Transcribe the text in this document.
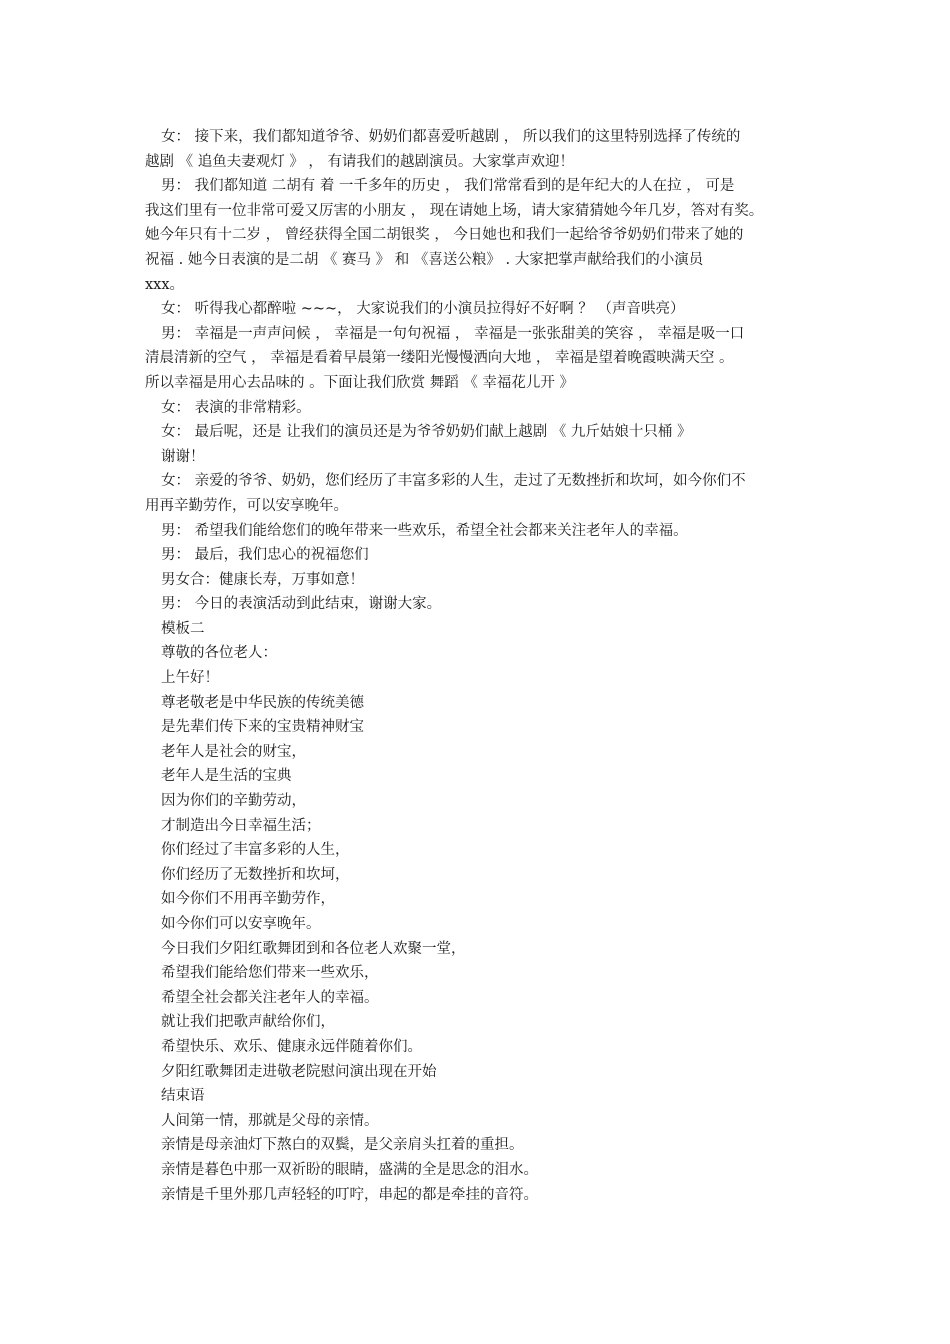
女： 接下来，我们都知道爷爷、奶奶们都喜爱听越剧 ， 所以我们的这里特别选择了传统的
越剧 《 追鱼夫妻观灯 》 ， 有请我们的越剧演员。大家掌声欢迎！
男： 我们都知道 二胡有 着 一千多年的历史 ， 我们常常看到的是年纪大的人在拉 ， 可是
我这们里有一位非常可爱又厉害的小朋友 ， 现在请她上场，请大家猜猜她今年几岁，答对有奖。
她今年只有十二岁 ， 曾经获得全国二胡银奖 ， 今日她也和我们一起给爷爷奶奶们带来了她的
祝福 . 她今日表演的是二胡 《 赛马 》 和 《喜送公粮》 . 大家把掌声献给我们的小演员
xxx。
女： 听得我心都醉啦 ~~~， 大家说我们的小演员拉得好不好啊 ？ （声音哄亮）
男： 幸福是一声声问候 ， 幸福是一句句祝福 ， 幸福是一张张甜美的笑容 ， 幸福是吸一口
清晨清新的空气 ， 幸福是看着早晨第一缕阳光慢慢洒向大地 ， 幸福是望着晚霞映满天空 。
所以幸福是用心去品味的 。下面让我们欣赏 舞蹈 《 幸福花儿开 》
女： 表演的非常精彩。
女： 最后呢，还是 让我们的演员还是为爷爷奶奶们献上越剧 《 九斤姑娘十只桶 》
谢谢！
女： 亲爱的爷爷、奶奶，您们经历了丰富多彩的人生，走过了无数挫折和坎坷，如今你们不
用再辛勤劳作，可以安享晚年。
男： 希望我们能给您们的晚年带来一些欢乐，希望全社会都来关注老年人的幸福。
男： 最后，我们忠心的祝福您们
男女合：健康长寿，万事如意！
男： 今日的表演活动到此结束，谢谢大家。
模板二
尊敬的各位老人：
上午好！
尊老敬老是中华民族的传统美德
是先辈们传下来的宝贵精神财宝
老年人是社会的财宝，
老年人是生活的宝典
因为你们的辛勤劳动，
才制造出今日幸福生活；
你们经过了丰富多彩的人生，
你们经历了无数挫折和坎坷，
如今你们不用再辛勤劳作，
如今你们可以安享晚年。
今日我们夕阳红歌舞团到和各位老人欢聚一堂，
希望我们能给您们带来一些欢乐，
希望全社会都关注老年人的幸福。
就让我们把歌声献给你们，
希望快乐、欢乐、健康永远伴随着你们。
夕阳红歌舞团走进敬老院慰问演出现在开始
结束语
人间第一情，那就是父母的亲情。
亲情是母亲油灯下熬白的双鬓，是父亲肩头扛着的重担。
亲情是暮色中那一双祈盼的眼睛，盛满的全是思念的泪水。
亲情是千里外那几声轻轻的叮咛，串起的都是牵挂的音符。
